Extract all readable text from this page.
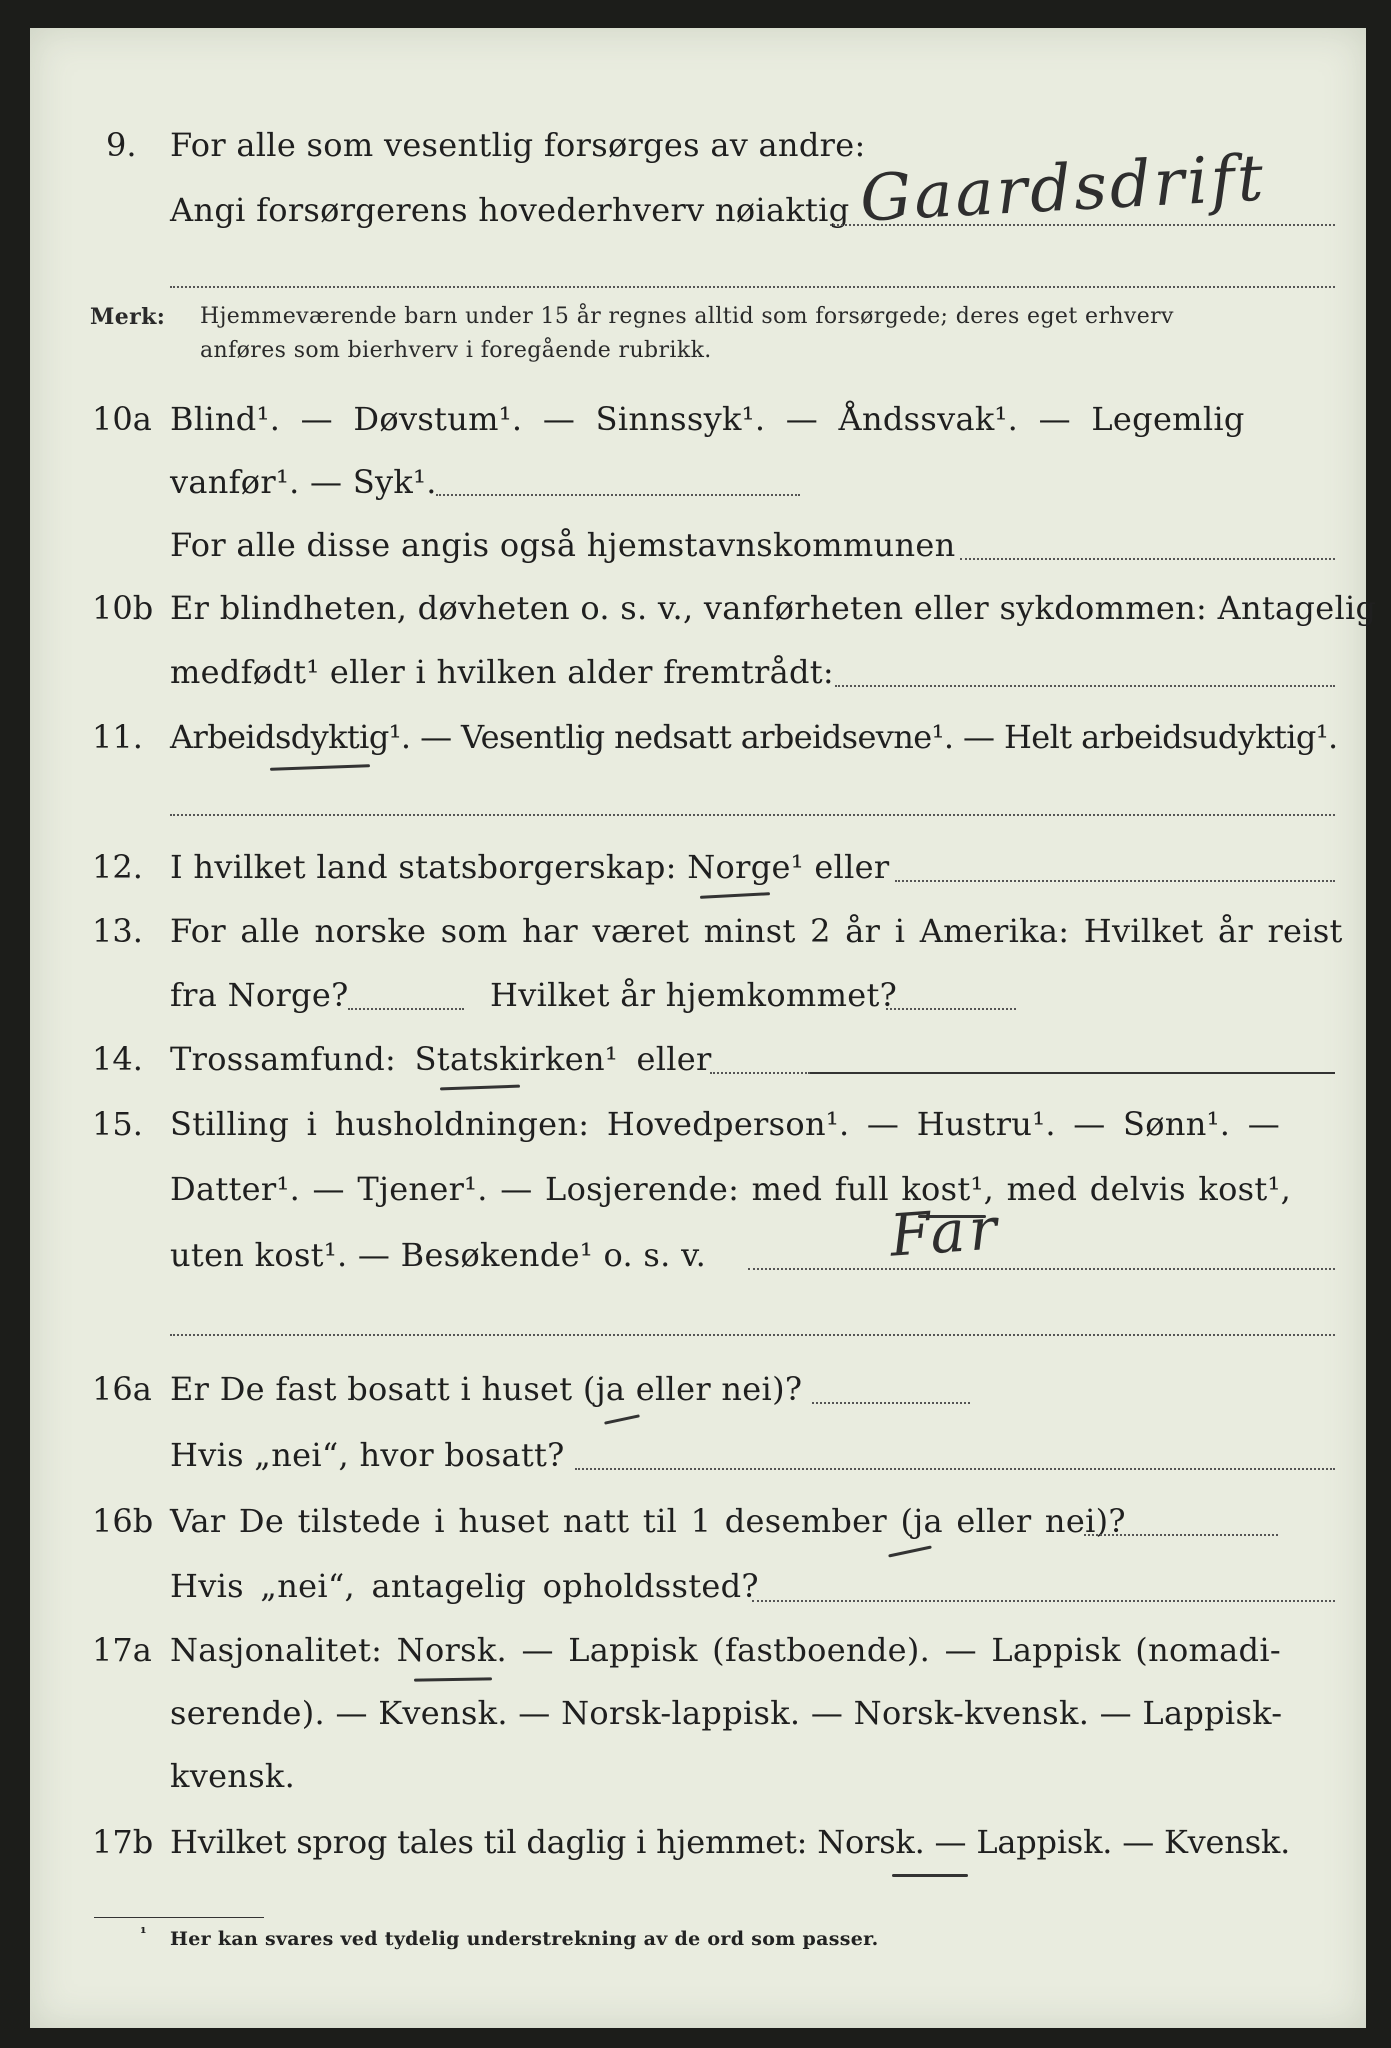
9. For alle som vesentlig forsørges av andre:
Angi forsørgerens hovederhverv nøiaktig Gaardsdrift
Merk: Hjemmeværende barn under 15 år regnes alltid som forsørgede; deres eget erhverv
anføres som bierhverv i foregående rubrikk.
10a Blind¹. — Døvstum¹. — Sinnssyk¹. — Åndssvak¹. — Legemlig
vanfør¹. — Syk¹.
For alle disse angis også hjemstavnskommunen
10b Er blindheten, døvheten o. s. v., vanførheten eller sykdommen: Antagelig
medfødt¹ eller i hvilken alder fremtrådt:
11. Arbeidsdyktig¹. — Vesentlig nedsatt arbeidsevne¹. — Helt arbeidsudyktig¹.
12. I hvilket land statsborgerskap: Norge¹ eller
13. For alle norske som har været minst 2 år i Amerika: Hvilket år reist
fra Norge?	Hvilket år hjemkommet?
14. Trossamfund: Statskirken¹ eller
15. Stilling i husholdningen: Hovedperson¹. — Hustru¹. — Sønn¹. —
Datter¹. — Tjener¹. — Losjerende: med full kost¹, med delvis kost¹,
uten kost¹. — Besøkende¹ o. s. v.	Far
16a Er De fast bosatt i huset (ja eller nei)?
Hvis „nei“, hvor bosatt?
16b Var De tilstede i huset natt til 1 desember (ja eller nei)?
Hvis „nei“, antagelig opholdssted?
17a Nasjonalitet: Norsk. — Lappisk (fastboende). — Lappisk (nomadi-
serende). — Kvensk. — Norsk-lappisk. — Norsk-kvensk. — Lappisk-
kvensk.
17b Hvilket sprog tales til daglig i hjemmet: Norsk. — Lappisk. — Kvensk.
¹ Her kan svares ved tydelig understrekning av de ord som passer.
